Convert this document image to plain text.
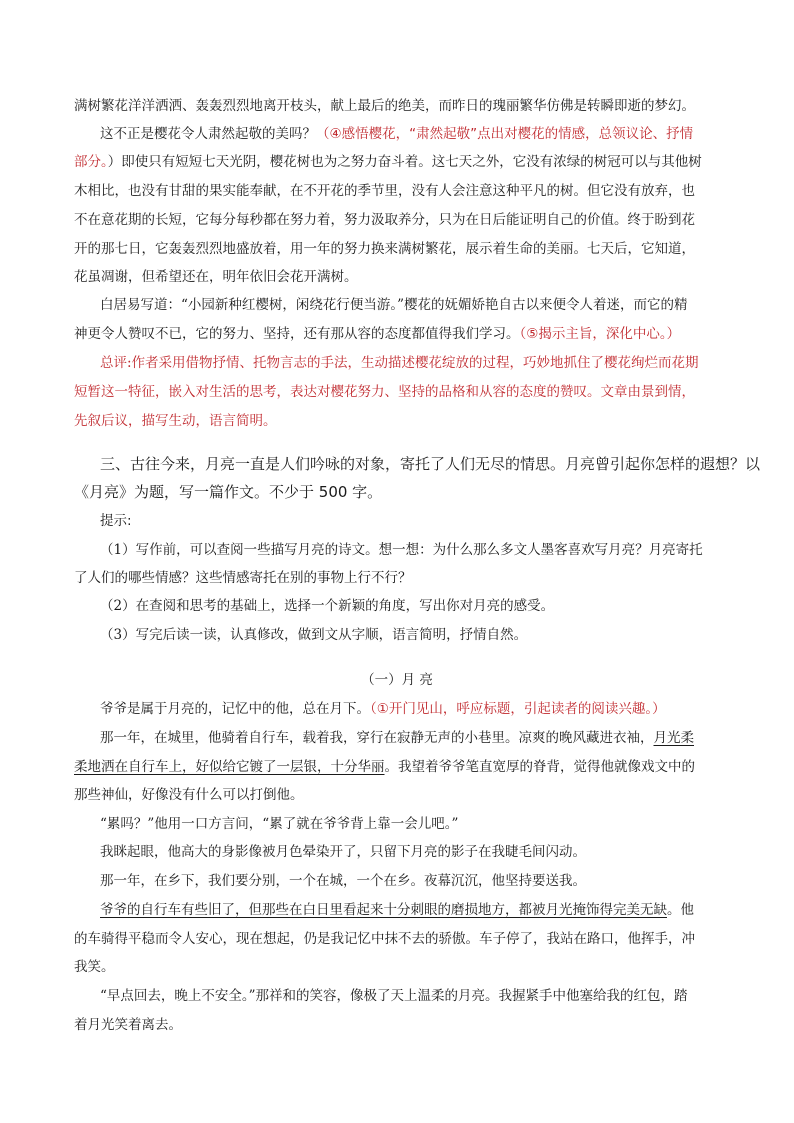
满树繁花洋洋洒洒、轰轰烈烈地离开枝头，献上最后的绝美，而昨日的瑰丽繁华仿佛是转瞬即逝的梦幻。
这不正是樱花令人肃然起敬的美吗？（④感悟樱花，“肃然起敬”点出对樱花的情感，总领议论、抒情
部分。）即使只有短短七天光阴，樱花树也为之努力奋斗着。这七天之外，它没有浓绿的树冠可以与其他树
木相比，也没有甘甜的果实能奉献，在不开花的季节里，没有人会注意这种平凡的树。但它没有放弃，也
不在意花期的长短，它每分每秒都在努力着，努力汲取养分，只为在日后能证明自己的价值。终于盼到花
开的那七日，它轰轰烈烈地盛放着，用一年的努力换来满树繁花，展示着生命的美丽。七天后，它知道，
花虽凋谢，但希望还在，明年依旧会花开满树。
白居易写道：“小园新种红樱树，闲绕花行便当游。”樱花的妩媚娇艳自古以来便令人着迷，而它的精
神更令人赞叹不已，它的努力、坚持，还有那从容的态度都值得我们学习。（⑤揭示主旨，深化中心。）
总评:作者采用借物抒情、托物言志的手法，生动描述樱花绽放的过程，巧妙地抓住了樱花绚烂而花期
短暂这一特征，嵌入对生活的思考，表达对樱花努力、坚持的品格和从容的态度的赞叹。文章由景到情，
先叙后议，描写生动，语言简明。
三、古往今来，月亮一直是人们吟咏的对象，寄托了人们无尽的情思。月亮曾引起你怎样的遐想？以
《月亮》为题，写一篇作文。不少于 500 字。
提示:
（1）写作前，可以查阅一些描写月亮的诗文。想一想：为什么那么多文人墨客喜欢写月亮？月亮寄托
了人们的哪些情感？这些情感寄托在别的事物上行不行？
（2）在查阅和思考的基础上，选择一个新颖的角度，写出你对月亮的感受。
（3）写完后读一读，认真修改，做到文从字顺，语言简明，抒情自然。
（一）月 亮
爷爷是属于月亮的，记忆中的他，总在月下。（①开门见山，呼应标题，引起读者的阅读兴趣。）
那一年，在城里，他骑着自行车，载着我，穿行在寂静无声的小巷里。凉爽的晚风藏进衣袖，月光柔
柔地洒在自行车上，好似给它镀了一层银，十分华丽。我望着爷爷笔直宽厚的脊背，觉得他就像戏文中的
那些神仙，好像没有什么可以打倒他。
“累吗？”他用一口方言问，“累了就在爷爷背上靠一会儿吧。”
我眯起眼，他高大的身影像被月色晕染开了，只留下月亮的影子在我睫毛间闪动。
那一年，在乡下，我们要分别，一个在城，一个在乡。夜幕沉沉，他坚持要送我。
爷爷的自行车有些旧了，但那些在白日里看起来十分刺眼的磨损地方，都被月光掩饰得完美无缺。他
的车骑得平稳而令人安心，现在想起，仍是我记忆中抹不去的骄傲。车子停了，我站在路口，他挥手，冲
我笑。
“早点回去，晚上不安全。”那祥和的笑容，像极了天上温柔的月亮。我握紧手中他塞给我的红包，踏
着月光笑着离去。
